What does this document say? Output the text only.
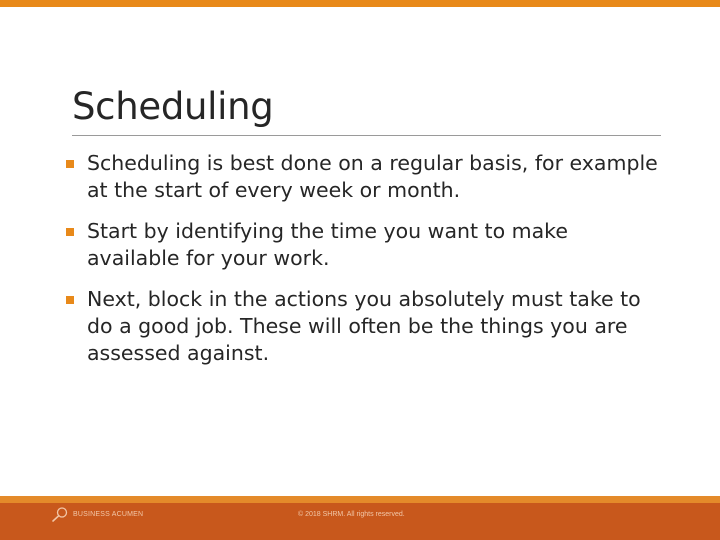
Scheduling
Scheduling is best done on a regular basis, for example at the start of every week or month.
Start by identifying the time you want to make available for your work.
Next, block in the actions you absolutely must take to do a good job. These will often be the things you are assessed against.
BUSINESS ACUMEN	© 2018 SHRM. All rights reserved.
